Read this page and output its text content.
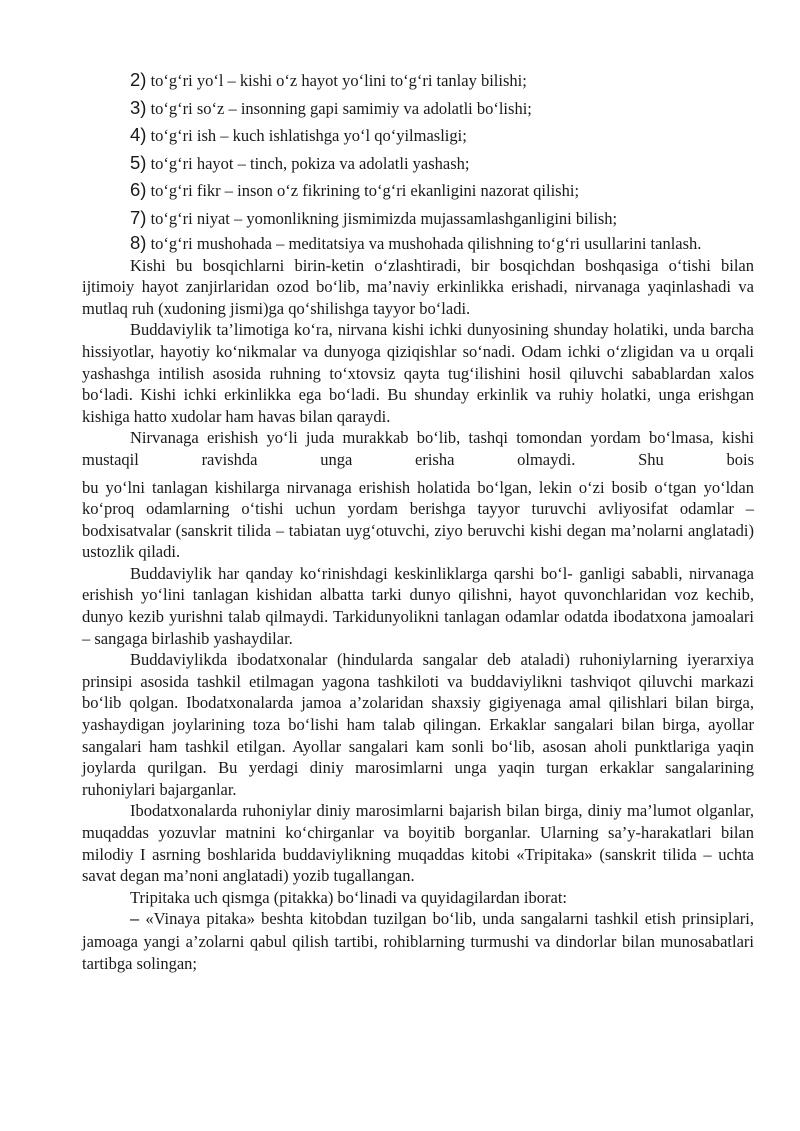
2) to‘g‘ri yo‘l – kishi o‘z hayot yo‘lini to‘g‘ri tanlay bilishi;
3) to‘g‘ri so‘z – insonning gapi samimiy va adolatli bo‘lishi;
4) to‘g‘ri ish – kuch ishlatishga yo‘l qo‘yilmasligi;
5) to‘g‘ri hayot – tinch, pokiza va adolatli yashash;
6) to‘g‘ri fikr – inson o‘z fikrining to‘g‘ri ekanligini nazorat qilishi;
7) to‘g‘ri niyat – yomonlikning jismimizda mujassamlashganligini bilish;

8) to‘g‘ri mushohada – meditatsiya va mushohada qilishning to‘g‘ri usullarini tanlash.

Kishi bu bosqichlarni birin-ketin o‘zlashtiradi, bir bosqichdan boshqasiga o‘tishi bilan ijtimoiy hayot zanjirlaridan ozod bo‘lib, ma’naviy erkinlikka erishadi, nirvanaga yaqinlashadi va mutlaq ruh (xudoning jismi)ga qo‘shilishga tayyor bo‘ladi.

Buddaviylik ta’limotiga ko‘ra, nirvana kishi ichki dunyosining shunday holatiki, unda barcha hissiyotlar, hayotiy ko‘nikmalar va dunyoga qiziqishlar so‘nadi. Odam ichki o‘zligidan va u orqali yashashga intilish asosida ruhning to‘xtovsiz qayta tug‘ilishini hosil qiluvchi sabablardan xalos bo‘ladi. Kishi ichki erkinlikka ega bo‘ladi. Bu shunday erkinlik va ruhiy holatki, unga erishgan kishiga hatto xudolar ham havas bilan qaraydi.

Nirvanaga erishish yo‘li juda murakkab bo‘lib, tashqi tomondan yordam bo‘lmasa, kishi mustaqil ravishda unga erisha olmaydi. Shu bois

bu yo‘lni tanlagan kishilarga nirvanaga erishish holatida bo‘lgan, lekin o‘zi bosib o‘tgan yo‘ldan ko‘proq odamlarning o‘tishi uchun yordam berishga tayyor turuvchi avliyosifat odamlar – bodxisatvalar (sanskrit tilida – tabiatan uyg‘otuvchi, ziyo beruvchi kishi degan ma’nolarni anglatadi) ustozlik qiladi.

Buddaviylik har qanday ko‘rinishdagi keskinliklarga qarshi bo‘l- ganligi sababli, nirvanaga erishish yo‘lini tanlagan kishidan albatta tarki dunyo qilishni, hayot quvonchlaridan voz kechib, dunyo kezib yurishni talab qilmaydi. Tarkidunyolikni tanlagan odamlar odatda ibodatxona jamoalari – sangaga birlashib yashaydilar.

Buddaviylikda ibodatxonalar (hindularda sangalar deb ataladi) ruhoniylarning iyerarxiya prinsipi asosida tashkil etilmagan yagona tashkiloti va buddaviylikni tashviqot qiluvchi markazi bo‘lib qolgan. Ibodatxonalarda jamoa a’zolaridan shaxsiy gigiyenaga amal qilishlari bilan birga, yashaydigan joylarining toza bo‘lishi ham talab qilingan. Erkaklar sangalari bilan birga, ayollar sangalari ham tashkil etilgan. Ayollar sangalari kam sonli bo‘lib, asosan aholi punktlariga yaqin joylarda qurilgan. Bu yerdagi diniy marosimlarni unga yaqin turgan erkaklar sangalarining ruhoniylari bajarganlar.

Ibodatxonalarda ruhoniylar diniy marosimlarni bajarish bilan birga, diniy ma’lumot olganlar, muqaddas yozuvlar matnini ko‘chirganlar va boyitib borganlar. Ularning sa’y-harakatlari bilan milodiy I asrning boshlarida buddaviylikning muqaddas kitobi «Tripitaka» (sanskrit tilida – uchta savat degan ma’noni anglatadi) yozib tugallangan.

Tripitaka uch qismga (pitakka) bo‘linadi va quyidagilardan iborat:

– «Vinaya pitaka» beshta kitobdan tuzilgan bo‘lib, unda sangalarni tashkil etish prinsiplari, jamoaga yangi a’zolarni qabul qilish tartibi, rohiblarning turmushi va dindorlar bilan munosabatlari tartibga solingan;
